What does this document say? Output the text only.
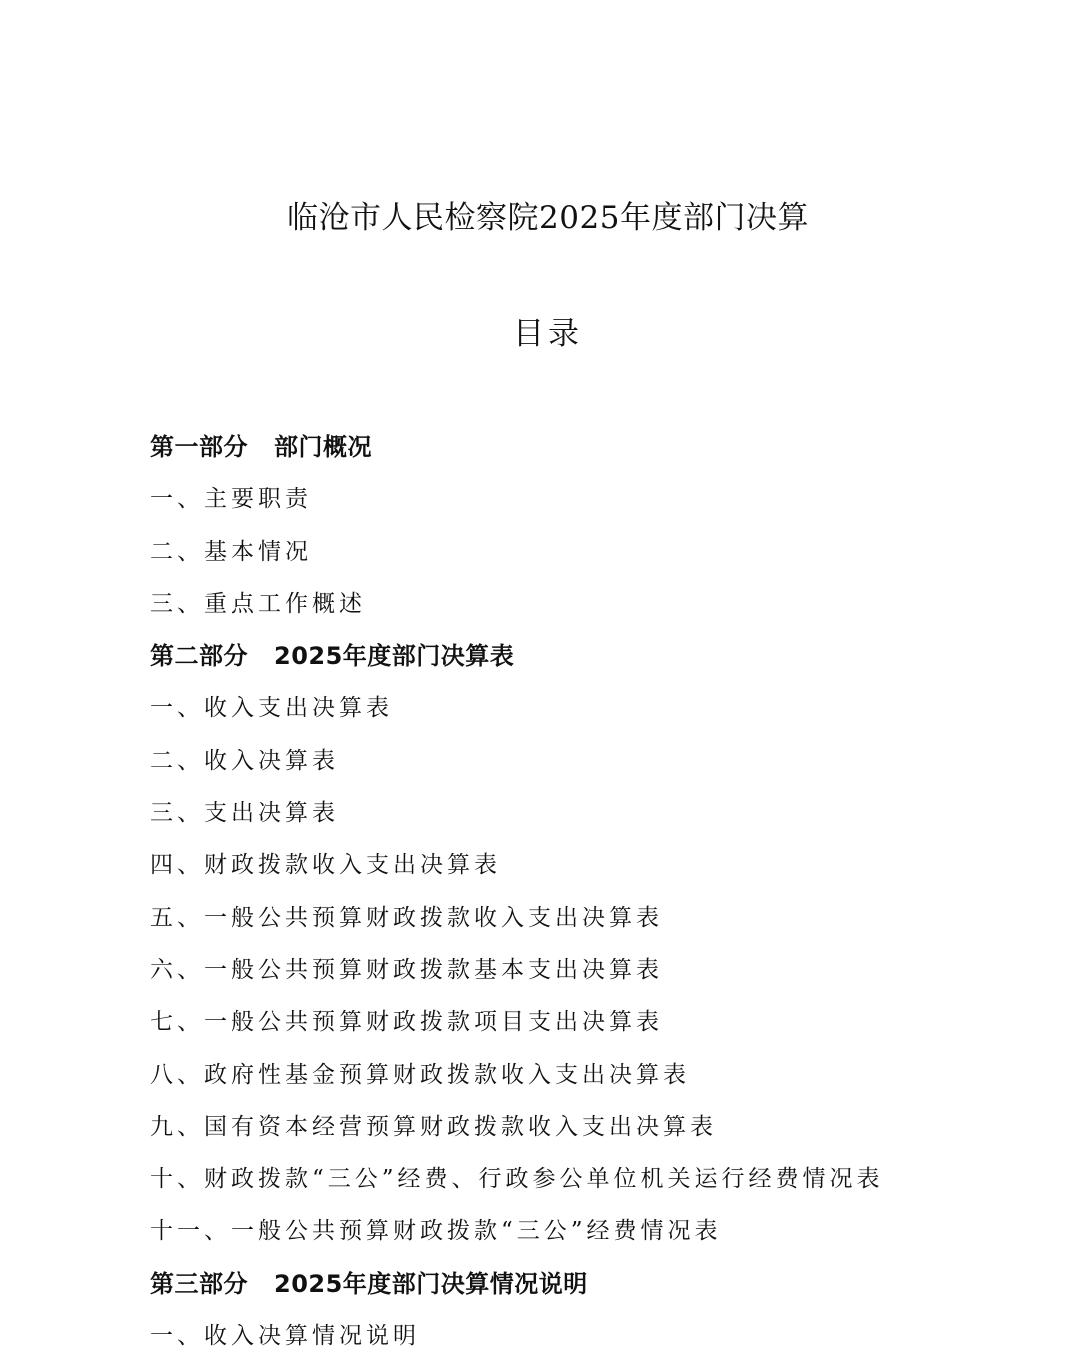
临沧市人民检察院2025年度部门决算
目录
第一部分 部门概况
一、主要职责
二、基本情况
三、重点工作概述
第二部分 2025年度部门决算表
一、收入支出决算表
二、收入决算表
三、支出决算表
四、财政拨款收入支出决算表
五、一般公共预算财政拨款收入支出决算表
六、一般公共预算财政拨款基本支出决算表
七、一般公共预算财政拨款项目支出决算表
八、政府性基金预算财政拨款收入支出决算表
九、国有资本经营预算财政拨款收入支出决算表
十、财政拨款“三公”经费、行政参公单位机关运行经费情况表
十一、一般公共预算财政拨款“三公”经费情况表
第三部分 2025年度部门决算情况说明
一、收入决算情况说明
